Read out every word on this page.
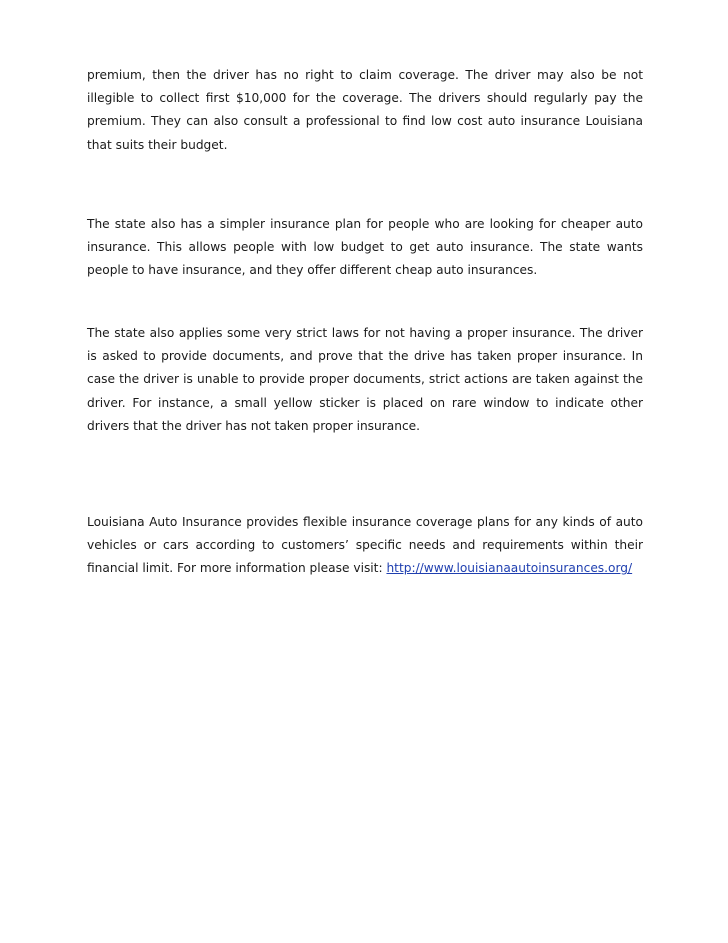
premium, then the driver has no right to claim coverage. The driver may also be not illegible to collect first $10,000 for the coverage. The drivers should regularly pay the premium. They can also consult a professional to find low cost auto insurance Louisiana that suits their budget.

The state also has a simpler insurance plan for people who are looking for cheaper auto insurance. This allows people with low budget to get auto insurance. The state wants people to have insurance, and they offer different cheap auto insurances.

The state also applies some very strict laws for not having a proper insurance. The driver is asked to provide documents, and prove that the drive has taken proper insurance. In case the driver is unable to provide proper documents, strict actions are taken against the driver. For instance, a small yellow sticker is placed on rare window to indicate other drivers that the driver has not taken proper insurance.

Louisiana Auto Insurance provides flexible insurance coverage plans for any kinds of auto vehicles or cars according to customers’ specific needs and requirements within their financial limit. For more information please visit: http://www.louisianaautoinsurances.org/
